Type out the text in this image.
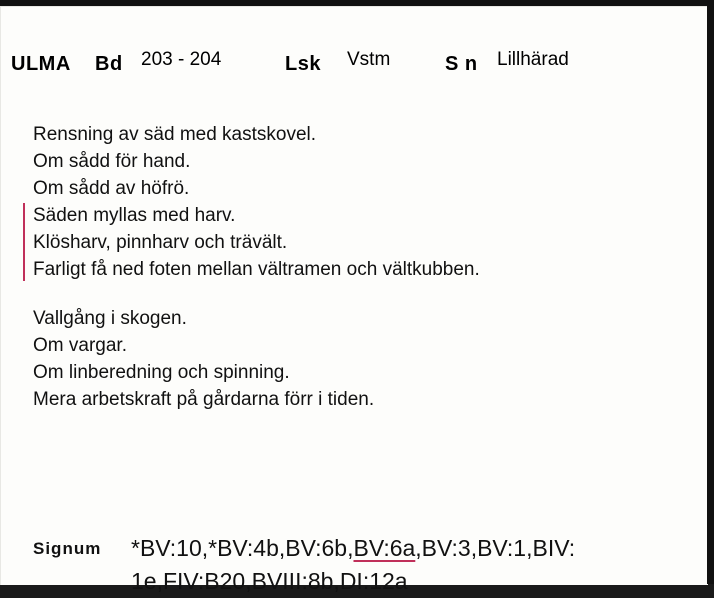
ULMA Bd 203 - 204	Lsk Vstm	S n Lillhärad
Rensning av säd med kastskovel.
Om sådd för hand.
Om sådd av höfrö.
Säden myllas med harv.
Klösharv, pinnharv och trävält.
Farligt få ned foten mellan vältramen och vältkubben.
Vallgång i skogen.
Om vargar.
Om linberedning och spinning.
Mera arbetskraft på gårdarna förr i tiden.
Signum *BV:10,*BV:4b,BV:6b,BV:6a,BV:3,BV:1,BIV: 1e,FIV:B20,BVIII:8b,DI:12a
